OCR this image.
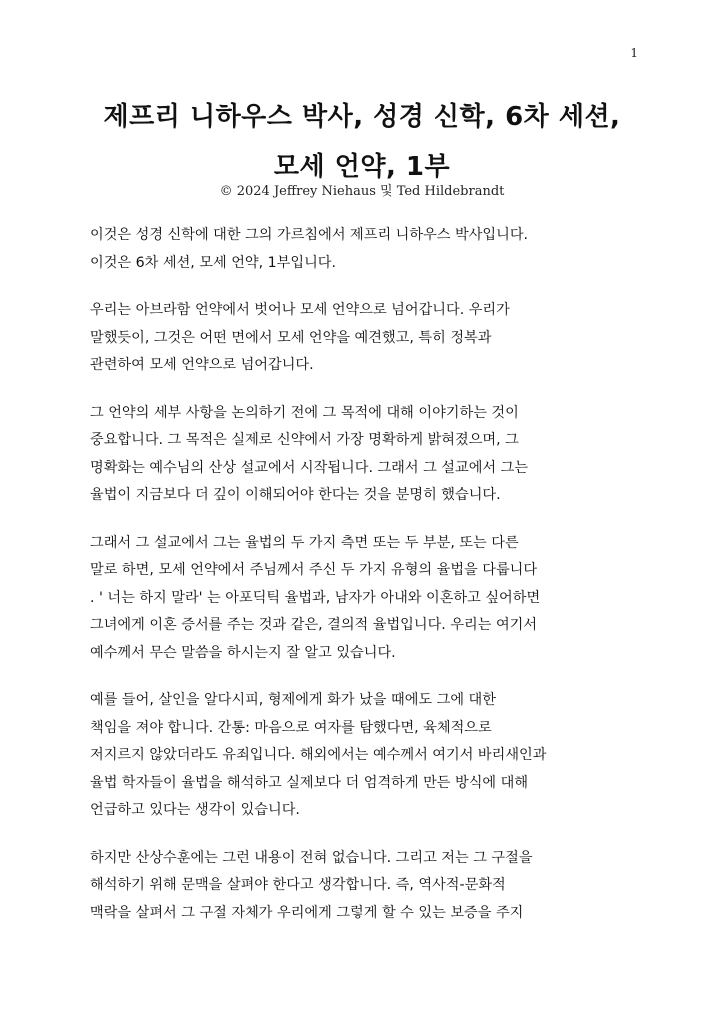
1
제프리 니하우스 박사, 성경 신학, 6차 세션,
모세 언약, 1부
© 2024 Jeffrey Niehaus 및 Ted Hildebrandt

이것은 성경 신학에 대한 그의 가르침에서 제프리 니하우스 박사입니다.
이것은 6차 세션, 모세 언약, 1부입니다.

우리는 아브라함 언약에서 벗어나 모세 언약으로 넘어갑니다. 우리가
말했듯이, 그것은 어떤 면에서 모세 언약을 예견했고, 특히 정복과
관련하여 모세 언약으로 넘어갑니다.

그 언약의 세부 사항을 논의하기 전에 그 목적에 대해 이야기하는 것이
중요합니다. 그 목적은 실제로 신약에서 가장 명확하게 밝혀졌으며, 그
명확화는 예수님의 산상 설교에서 시작됩니다. 그래서 그 설교에서 그는
율법이 지금보다 더 깊이 이해되어야 한다는 것을 분명히 했습니다.

그래서 그 설교에서 그는 율법의 두 가지 측면 또는 두 부분, 또는 다른
말로 하면, 모세 언약에서 주님께서 주신 두 가지 유형의 율법을 다룹니다
. ' 너는 하지 말라' 는 아포딕틱 율법과, 남자가 아내와 이혼하고 싶어하면
그녀에게 이혼 증서를 주는 것과 같은, 결의적 율법입니다. 우리는 여기서
예수께서 무슨 말씀을 하시는지 잘 알고 있습니다.

예를 들어, 살인을 알다시피, 형제에게 화가 났을 때에도 그에 대한
책임을 져야 합니다. 간통: 마음으로 여자를 탐했다면, 육체적으로
저지르지 않았더라도 유죄입니다. 해외에서는 예수께서 여기서 바리새인과
율법 학자들이 율법을 해석하고 실제보다 더 엄격하게 만든 방식에 대해
언급하고 있다는 생각이 있습니다.

하지만 산상수훈에는 그런 내용이 전혀 없습니다. 그리고 저는 그 구절을
해석하기 위해 문맥을 살펴야 한다고 생각합니다. 즉, 역사적-문화적
맥락을 살펴서 그 구절 자체가 우리에게 그렇게 할 수 있는 보증을 주지
